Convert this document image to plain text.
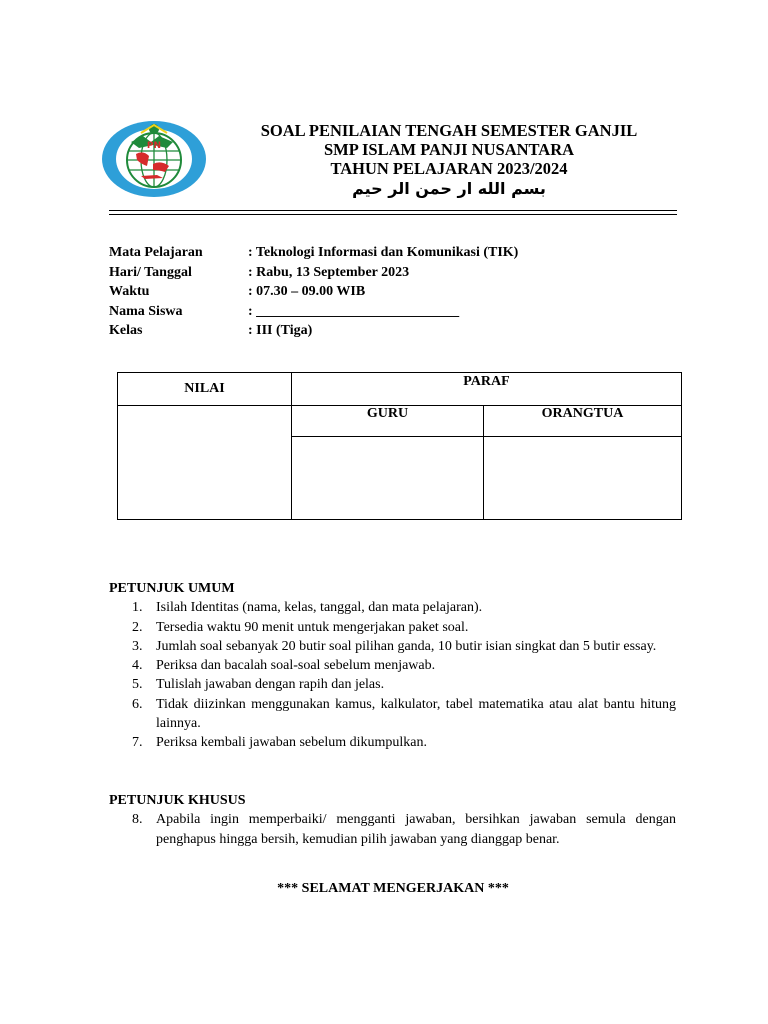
PN
SOAL PENILAIAN TENGAH SEMESTER GANJIL
SMP ISLAM PANJI NUSANTARA
TAHUN PELAJARAN 2023/2024
بسم الله ار حمن الر حيم
Mata Pelajaran	: Teknologi Informasi dan Komunikasi (TIK)
Hari/ Tanggal	: Rabu, 13 September 2023
Waktu	: 07.30 – 09.00 WIB
Nama Siswa	: _____________________________
Kelas	: III (Tiga)
NILAI	PARAF	
	GURU	ORANGTUA

PETUNJUK UMUM
1. Isilah Identitas (nama, kelas, tanggal, dan mata pelajaran).
2. Tersedia waktu 90 menit untuk mengerjakan paket soal.
3. Jumlah soal sebanyak 20 butir soal pilihan ganda, 10 butir isian singkat dan 5 butir essay.
4. Periksa dan bacalah soal-soal sebelum menjawab.
5. Tulislah jawaban dengan rapih dan jelas.
6. Tidak diizinkan menggunakan kamus, kalkulator, tabel matematika atau alat bantu hitung lainnya.
7. Periksa kembali jawaban sebelum dikumpulkan.
PETUNJUK KHUSUS
8. Apabila ingin memperbaiki/ mengganti jawaban, bersihkan jawaban semula dengan penghapus hingga bersih, kemudian pilih jawaban yang dianggap benar.
*** SELAMAT MENGERJAKAN ***
